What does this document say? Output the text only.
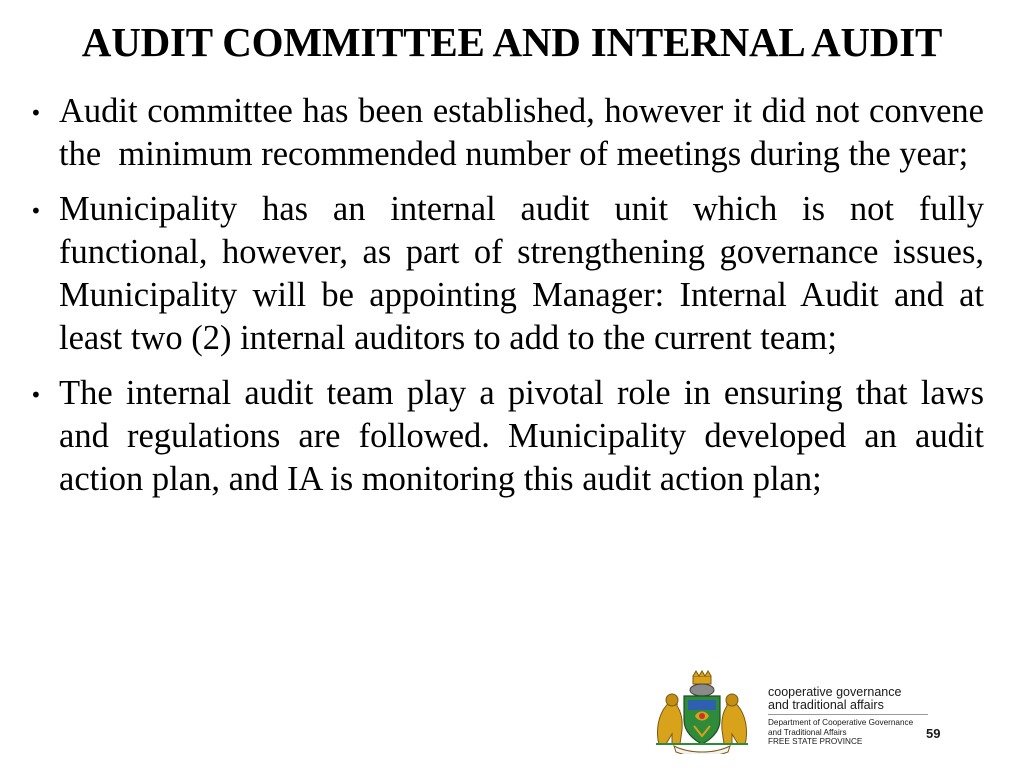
AUDIT COMMITTEE AND INTERNAL AUDIT
• Audit committee has been established, however it did not convene the  minimum recommended number of meetings during the year;
• Municipality has an internal audit unit which is not fully functional, however, as part of strengthening governance issues, Municipality will be appointing Manager: Internal Audit and at least two (2) internal auditors to add to the current team;
• The internal audit team play a pivotal role in ensuring that laws and regulations are followed. Municipality developed an audit action plan, and IA is monitoring this audit action plan;
cooperative governance
and traditional affairs
Department of Cooperative Governance
and Traditional Affairs
FREE STATE PROVINCE
59
